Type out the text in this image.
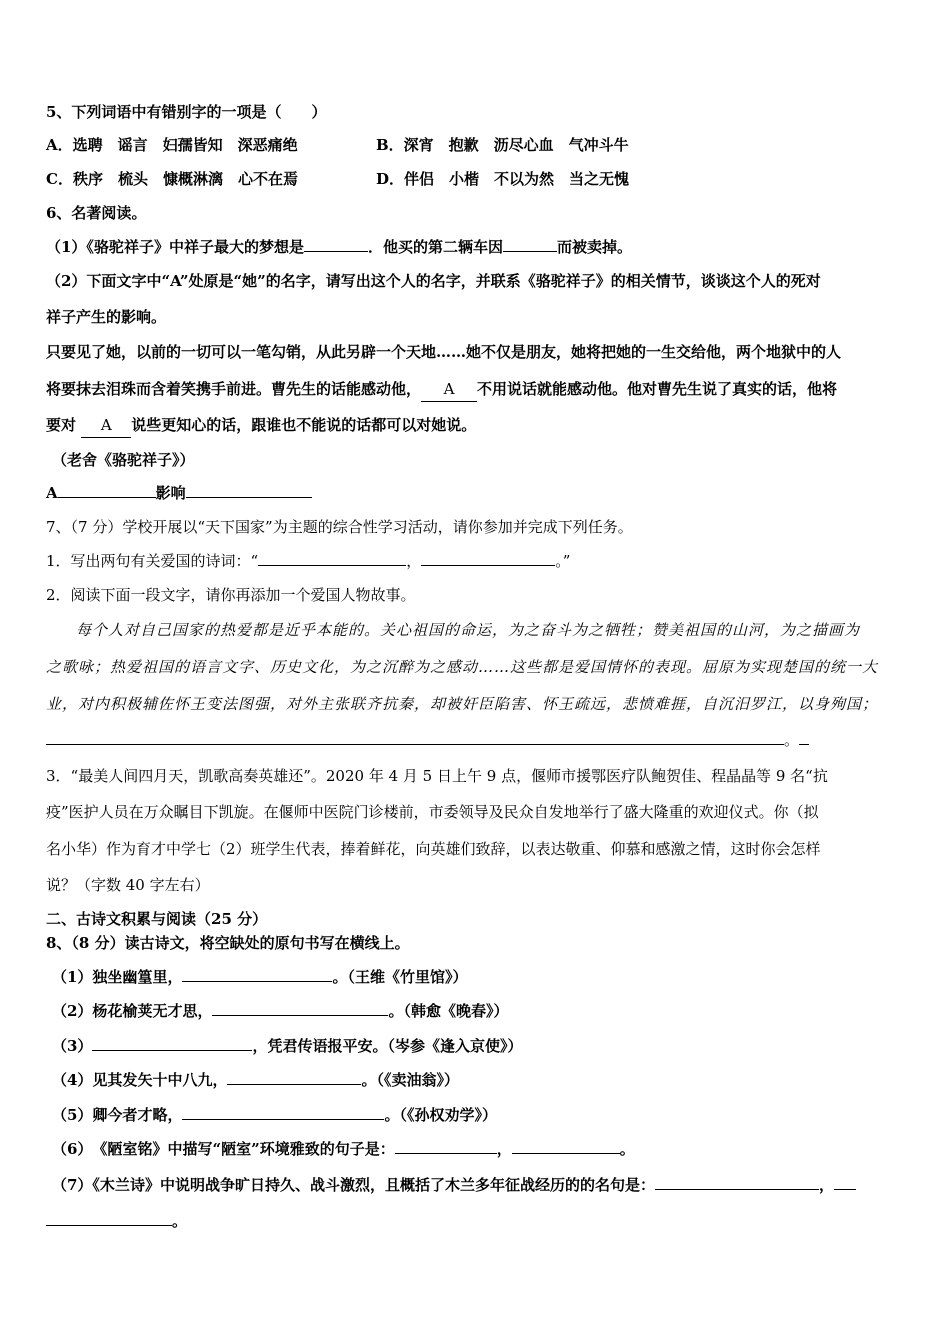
5、下列词语中有错别字的一项是（　　）
A．选聘　谣言　妇孺皆知　深恶痛绝	B．深宵　抱歉　沥尽心血　气冲斗牛
C．秩序　梳头　慷概淋漓　心不在焉	D．伴侣　小楷　不以为然　当之无愧
6、名著阅读。
（1）《骆驼祥子》中祥子最大的梦想是	．他买的第二辆车因	而被卖掉。
（2）下面文字中“A”处原是“她”的名字，请写出这个人的名字，并联系《骆驼祥子》的相关情节，谈谈这个人的死对
祥子产生的影响。
只要见了她，以前的一切可以一笔勾销，从此另辟一个天地……她不仅是朋友，她将把她的一生交给他，两个地狱中的人
将要抹去泪珠而含着笑携手前进。曹先生的话能感动他， A 不用说话就能感动他。他对曹先生说了真实的话，他将
要对 A 说些更知心的话，跟谁也不能说的话都可以对她说。
（老舍《骆驼祥子》）
A	影响
7、（7 分）学校开展以“天下国家”为主题的综合性学习活动，请你参加并完成下列任务。
1．写出两句有关爱国的诗词：“	，	。”
2．阅读下面一段文字，请你再添加一个爱国人物故事。
每个人对自己国家的热爱都是近乎本能的。关心祖国的命运，为之奋斗为之牺牲；赞美祖国的山河，为之描画为
之歌咏；热爱祖国的语言文字、历史文化，为之沉醉为之感动……这些都是爱国情怀的表现。屈原为实现楚国的统一大
业，对内积极辅佐怀王变法图强，对外主张联齐抗秦，却被奸臣陷害、怀王疏远，悲愤难捱，自沉汨罗江，以身殉国；
。
3．“最美人间四月天，凯歌高奏英雄还”。2020 年 4 月 5 日上午 9 点，偃师市援鄂医疗队鲍贺佳、程晶晶等 9 名“抗
疫”医护人员在万众瞩目下凯旋。在偃师中医院门诊楼前，市委领导及民众自发地举行了盛大隆重的欢迎仪式。你（拟
名小华）作为育才中学七（2）班学生代表，捧着鲜花，向英雄们致辞，以表达敬重、仰慕和感激之情，这时你会怎样
说？（字数 40 字左右）
二、古诗文积累与阅读（25 分）
8、（8 分）读古诗文，将空缺处的原句书写在横线上。
（1）独坐幽篁里，	。（王维《竹里馆》）
（2）杨花榆荚无才思，	。（韩愈《晚春》）
（3）	，凭君传语报平安。（岑参《逢入京使》）
（4）见其发矢十中八九，	。（《卖油翁》）
（5）卿今者才略，	。（《孙权劝学》）
（6）　《陋室铭》中描写“陋室”环境雅致的句子是：	，	。
（7）《木兰诗》中说明战争旷日持久、战斗激烈，且概括了木兰多年征战经历的的名句是：	，
。
